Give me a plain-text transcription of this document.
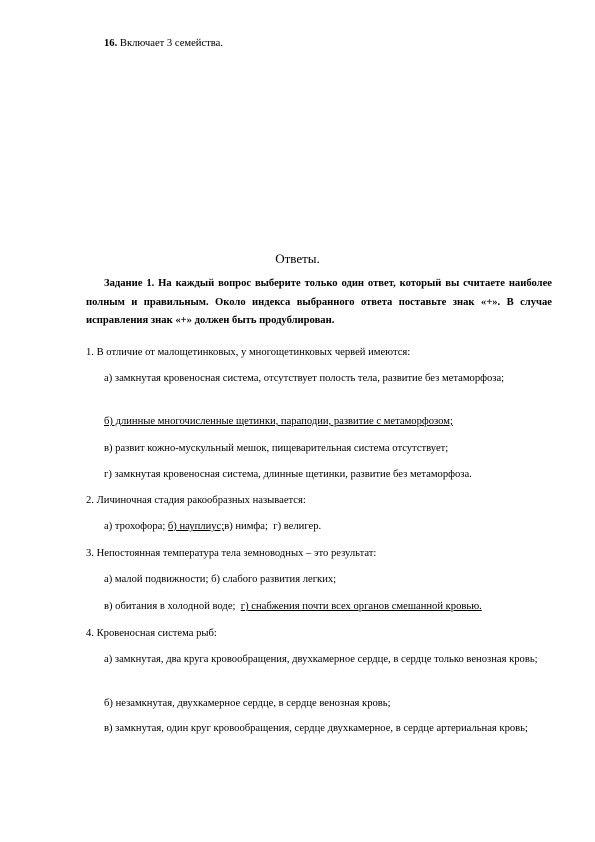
16. Включает 3 семейства.
Ответы.
Задание 1. На каждый вопрос выберите только один ответ, который вы считаете наиболее полным и правильным. Около индекса выбранного ответа поставьте знак «+». В случае исправления знак «+» должен быть продублирован.
1. В отличие от малощетинковых, у многощетинковых червей имеются:
а) замкнутая кровеносная система, отсутствует полость тела, развитие без метаморфоза;
б) длинные многочисленные щетинки, параподии, развитие с метаморфозом;
в) развит кожно-мускульный мешок, пищеварительная система отсутствует;
г) замкнутая кровеносная система, длинные щетинки, развитие без метаморфоза.
2. Личиночная стадия ракообразных называется:
а) трохофора; б) науплиус;в) нимфа; г) велигер.
3. Непостоянная температура тела земноводных – это результат:
а) малой подвижности; б) слабого развития легких;
в) обитания в холодной воде; г) снабжения почти всех органов смешанной кровью.
4. Кровеносная система рыб:
а) замкнутая, два круга кровообращения, двухкамерное сердце, в сердце только венозная кровь;
б) незамкнутая, двухкамерное сердце, в сердце венозная кровь;
в) замкнутая, один круг кровообращения, сердце двухкамерное, в сердце артериальная кровь;
